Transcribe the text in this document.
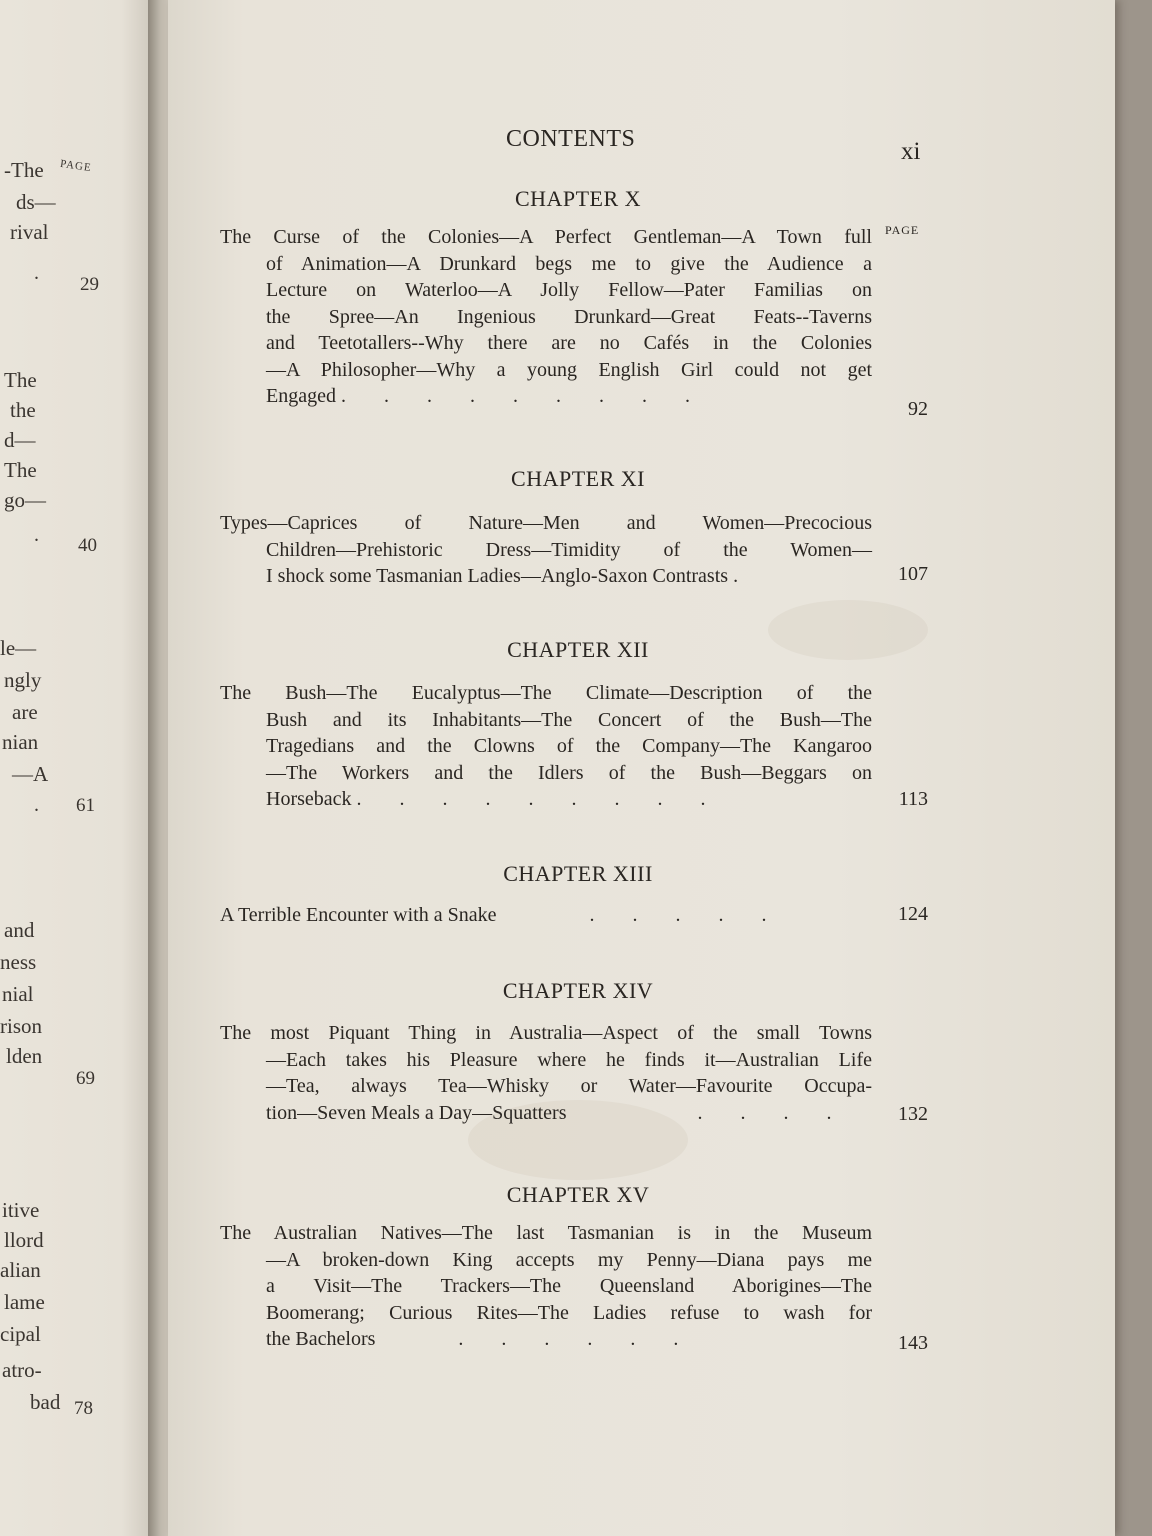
PAGE
-The
ds—
rival
.
29
The
the
d—
The
go—
. 40
le—
ngly
are
nian
—A
. 61
and
ness
nial
rison
lden
69
itive
llord
alian
lame
cipal
atro-
bad 78
CONTENTS	xi
PAGE
CHAPTER X
The Curse of the Colonies—A Perfect Gentleman—A Town full
of Animation—A Drunkard begs me to give the Audience a
Lecture on Waterloo—A Jolly Fellow—Pater Familias on
the Spree—An Ingenious Drunkard—Great Feats--Taverns
and Teetotallers--Why there are no Cafés in the Colonies
—A Philosopher—Why a young English Girl could not get
Engaged .........
92
CHAPTER XI
Types—Caprices of Nature—Men and Women—Precocious
Children—Prehistoric Dress—Timidity of the Women—
I shock some Tasmanian Ladies—Anglo-Saxon Contrasts .	107
CHAPTER XII
The Bush—The Eucalyptus—The Climate—Description of the
Bush and its Inhabitants—The Concert of the Bush—The
Tragedians and the Clowns of the Company—The Kangaroo
—The Workers and the Idlers of the Bush—Beggars on
Horseback .........	113
CHAPTER XIII
A Terrible Encounter with a Snake	.....	124
CHAPTER XIV
The most Piquant Thing in Australia—Aspect of the small Towns
—Each takes his Pleasure where he finds it—Australian Life
—Tea, always Tea—Whisky or Water—Favourite Occupa-
tion—Seven Meals a Day—Squatters	....	132
CHAPTER XV
The Australian Natives—The last Tasmanian is in the Museum
—A broken-down King accepts my Penny—Diana pays me
a Visit—The Trackers—The Queensland Aborigines—The
Boomerang; Curious Rites—The Ladies refuse to wash for
the Bachelors	......	143
